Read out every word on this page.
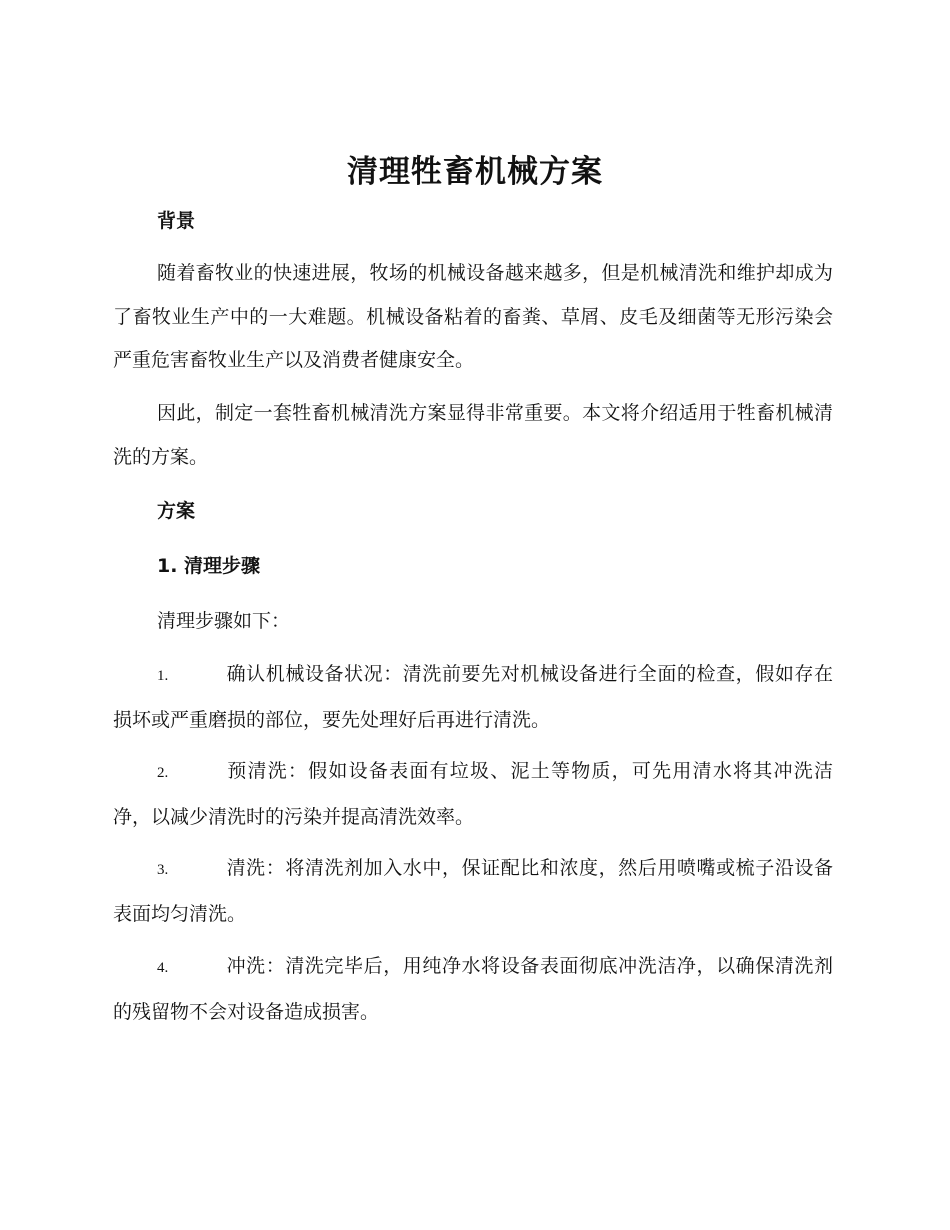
清理牲畜机械方案
背景
随着畜牧业的快速进展，牧场的机械设备越来越多，但是机械清洗和维护却成为了畜牧业生产中的一大难题。机械设备粘着的畜粪、草屑、皮毛及细菌等无形污染会严重危害畜牧业生产以及消费者健康安全。
因此，制定一套牲畜机械清洗方案显得非常重要。本文将介绍适用于牲畜机械清洗的方案。
方案
1. 清理步骤
清理步骤如下：
1.	确认机械设备状况：清洗前要先对机械设备进行全面的检查，假如存在损坏或严重磨损的部位，要先处理好后再进行清洗。
2.	预清洗：假如设备表面有垃圾、泥土等物质，可先用清水将其冲洗洁净，以减少清洗时的污染并提高清洗效率。
3.	清洗：将清洗剂加入水中，保证配比和浓度，然后用喷嘴或梳子沿设备表面均匀清洗。
4.	冲洗：清洗完毕后，用纯净水将设备表面彻底冲洗洁净，以确保清洗剂的残留物不会对设备造成损害。
